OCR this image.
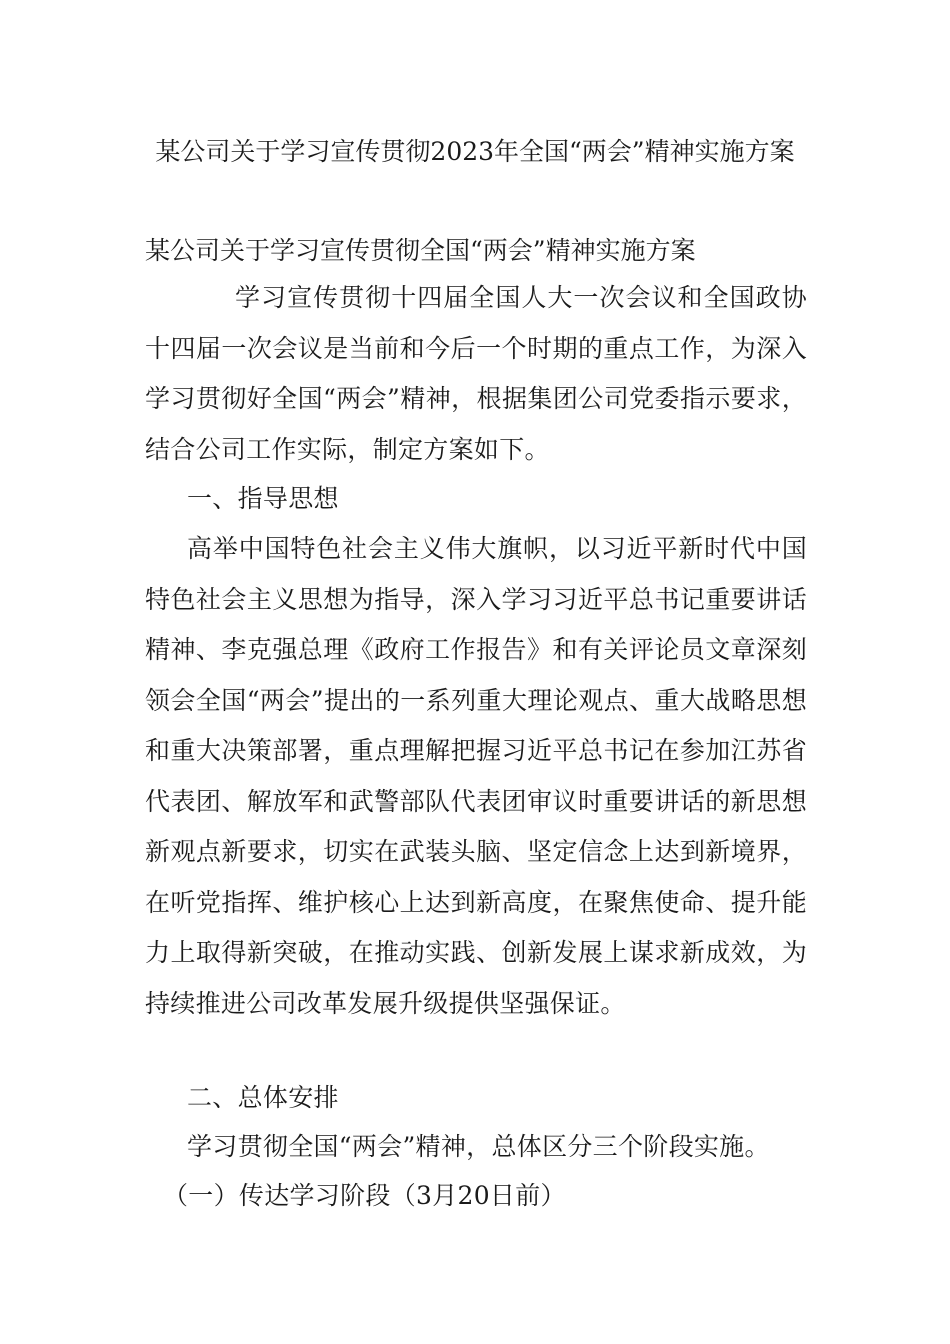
某公司关于学习宣传贯彻2023年全国“两会”精神实施方案
某公司关于学习宣传贯彻全国“两会”精神实施方案
学习宣传贯彻十四届全国人大一次会议和全国政协十四届一次会议是当前和今后一个时期的重点工作，为深入学习贯彻好全国“两会”精神，根据集团公司党委指示要求，结合公司工作实际，制定方案如下。
一、指导思想
高举中国特色社会主义伟大旗帜，以习近平新时代中国特色社会主义思想为指导，深入学习习近平总书记重要讲话精神、李克强总理《政府工作报告》和有关评论员文章深刻领会全国“两会”提出的一系列重大理论观点、重大战略思想和重大决策部署，重点理解把握习近平总书记在参加江苏省代表团、解放军和武警部队代表团审议时重要讲话的新思想新观点新要求，切实在武装头脑、坚定信念上达到新境界，在听党指挥、维护核心上达到新高度，在聚焦使命、提升能力上取得新突破，在推动实践、创新发展上谋求新成效，为持续推进公司改革发展升级提供坚强保证。
二、总体安排
学习贯彻全国“两会”精神，总体区分三个阶段实施。
（一）传达学习阶段（3月20日前）
